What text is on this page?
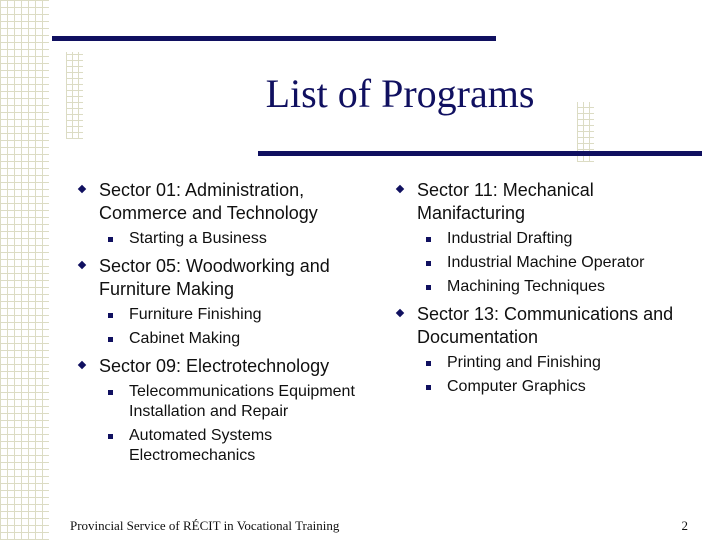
List of Programs
Sector 01: Administration, Commerce and Technology
Starting a Business
Sector 05: Woodworking and Furniture Making
Furniture Finishing
Cabinet Making
Sector 09: Electrotechnology
Telecommunications Equipment Installation and Repair
Automated Systems Electromechanics
Sector 11: Mechanical Manifacturing
Industrial Drafting
Industrial Machine Operator
Machining Techniques
Sector 13: Communications and Documentation
Printing and Finishing
Computer Graphics
Provincial Service of RÉCIT in Vocational Training	2
